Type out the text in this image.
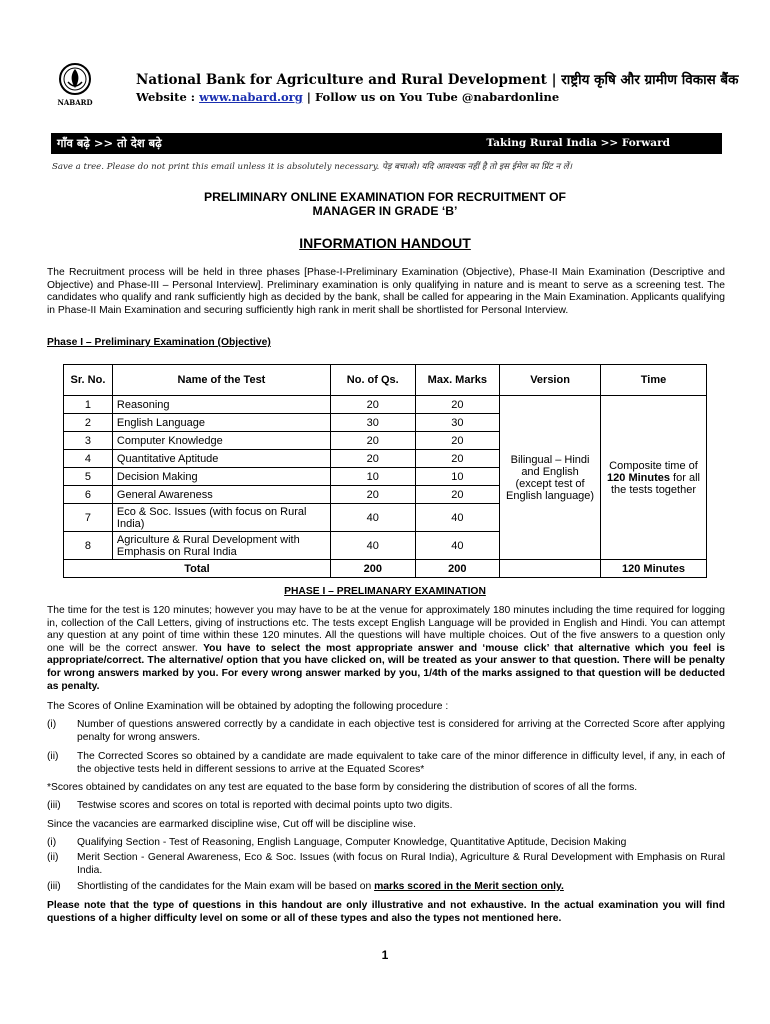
NABARD
National Bank for Agriculture and Rural Development | राष्ट्रीय कृषि और ग्रामीण विकास बैंक
Website : www.nabard.org | Follow us on You Tube @nabardonline
गाँव बढ़े >> तो देश बढ़े	Taking Rural India >> Forward
Save a tree. Please do not print this email unless it is absolutely necessary. पेड़ बचाओ। यदि आवश्यक नहीं है तो इस ईमेल का प्रिंट न लें।
PRELIMINARY ONLINE EXAMINATION FOR RECRUITMENT OF
MANAGER IN GRADE ‘B’
INFORMATION HANDOUT

The Recruitment process will be held in three phases [Phase-I-Preliminary Examination (Objective), Phase-II Main Examination (Descriptive and Objective) and Phase-III – Personal Interview]. Preliminary examination is only qualifying in nature and is meant to serve as a screening test. The candidates who qualify and rank sufficiently high as decided by the bank, shall be called for appearing in the Main Examination. Applicants qualifying in Phase-II Main Examination and securing sufficiently high rank in merit shall be shortlisted for Personal Interview.

Phase I – Preliminary Examination (Objective)
Sr. No.	Name of the Test	No. of Qs.	Max. Marks	Version	Time
1	Reasoning	20	20	Bilingual – Hindi and English (except test of English language)	Composite time of 120 Minutes for all the tests together
2	English Language	30	30		
3	Computer Knowledge	20	20		
4	Quantitative Aptitude	20	20		
5	Decision Making	10	10		
6	General Awareness	20	20		
7	Eco & Soc. Issues (with focus on Rural India)	40	40		
8	Agriculture & Rural Development with Emphasis on Rural India	40	40		
Total		200	200		120 Minutes
PHASE I – PRELIMANARY EXAMINATION

The time for the test is 120 minutes; however you may have to be at the venue for approximately 180 minutes including the time required for logging in, collection of the Call Letters, giving of instructions etc. The tests except English Language will be provided in English and Hindi. You can attempt any question at any point of time within these 120 minutes. All the questions will have multiple choices. Out of the five answers to a question only one will be the correct answer. You have to select the most appropriate answer and ‘mouse click’ that alternative which you feel is appropriate/correct. The alternative/ option that you have clicked on, will be treated as your answer to that question. There will be penalty for wrong answers marked by you. For every wrong answer marked by you, 1/4th of the marks assigned to that question will be deducted as penalty.

The Scores of Online Examination will be obtained by adopting the following procedure :
(i) Number of questions answered correctly by a candidate in each objective test is considered for arriving at the Corrected Score after applying penalty for wrong answers.
(ii) The Corrected Scores so obtained by a candidate are made equivalent to take care of the minor difference in difficulty level, if any, in each of the objective tests held in different sessions to arrive at the Equated Scores*
*Scores obtained by candidates on any test are equated to the base form by considering the distribution of scores of all the forms.
(iii) Testwise scores and scores on total is reported with decimal points upto two digits.
Since the vacancies are earmarked discipline wise, Cut off will be discipline wise.
(i) Qualifying Section - Test of Reasoning, English Language, Computer Knowledge, Quantitative Aptitude, Decision Making
(ii) Merit Section - General Awareness, Eco & Soc. Issues (with focus on Rural India), Agriculture & Rural Development with Emphasis on Rural India.
(iii) Shortlisting of the candidates for the Main exam will be based on marks scored in the Merit section only.

Please note that the type of questions in this handout are only illustrative and not exhaustive. In the actual examination you will find questions of a higher difficulty level on some or all of these types and also the types not mentioned here.

1
